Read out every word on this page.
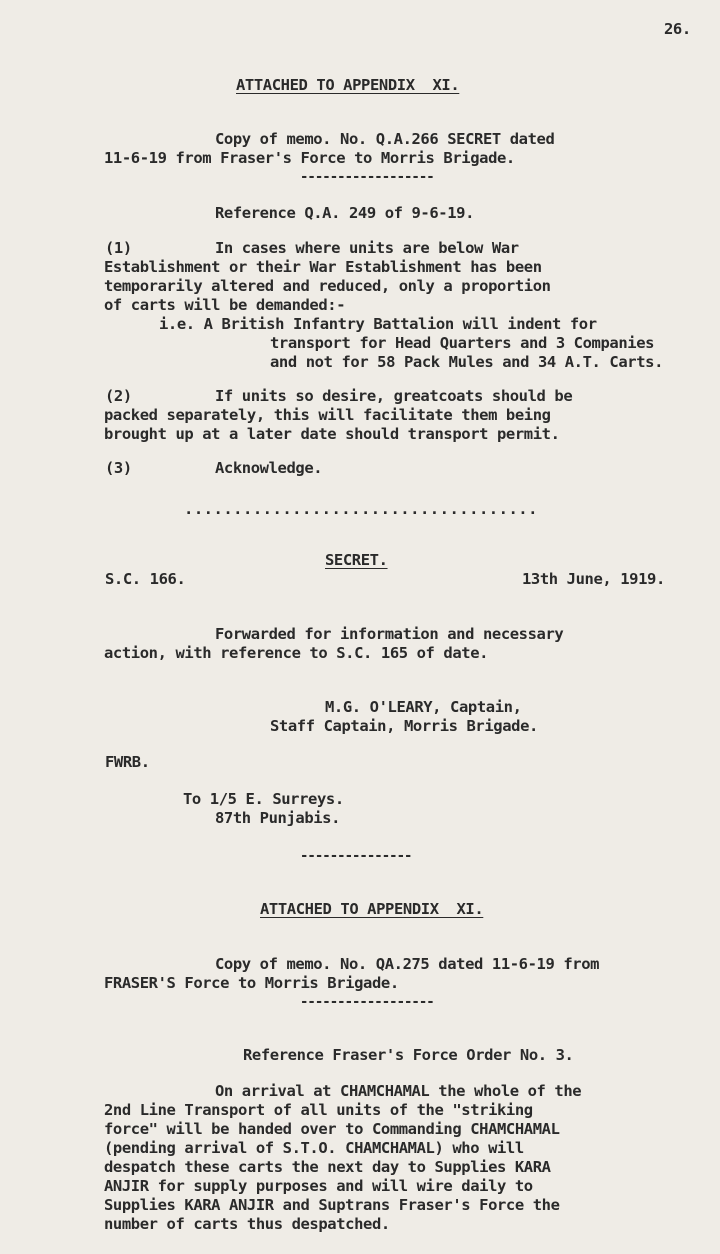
26.

ATTACHED TO APPENDIX  XI.

Copy of memo. No. Q.A.266 SECRET dated

11-6-19 from Fraser's Force to Morris Brigade.

------------------

Reference Q.A. 249 of 9-6-19.

(1)	In cases where units are below War

Establishment or their War Establishment has been

temporarily altered and reduced, only a proportion

of carts will be demanded:-

i.e. A British Infantry Battalion will indent for

transport for Head Quarters and 3 Companies

and not for 58 Pack Mules and 34 A.T. Carts.

(2)	If units so desire, greatcoats should be

packed separately, this will facilitate them being

brought up at a later date should transport permit.

(3)	Acknowledge.

....................................

SECRET.

S.C. 166.	13th June, 1919.

Forwarded for information and necessary

action, with reference to S.C. 165 of date.

M.G. O'LEARY, Captain,

Staff Captain, Morris Brigade.

FWRB.

To 1/5 E. Surreys.

87th Punjabis.

---------------

ATTACHED TO APPENDIX  XI.

Copy of memo. No. QA.275 dated 11-6-19 from

FRASER'S Force to Morris Brigade.

------------------

Reference Fraser's Force Order No. 3.

On arrival at CHAMCHAMAL the whole of the

2nd Line Transport of all units of the "striking

force" will be handed over to Commanding CHAMCHAMAL

(pending arrival of S.T.O. CHAMCHAMAL) who will

despatch these carts the next day to Supplies KARA

ANJIR for supply purposes and will wire daily to

Supplies KARA ANJIR and Suptrans Fraser's Force the

number of carts thus despatched.
